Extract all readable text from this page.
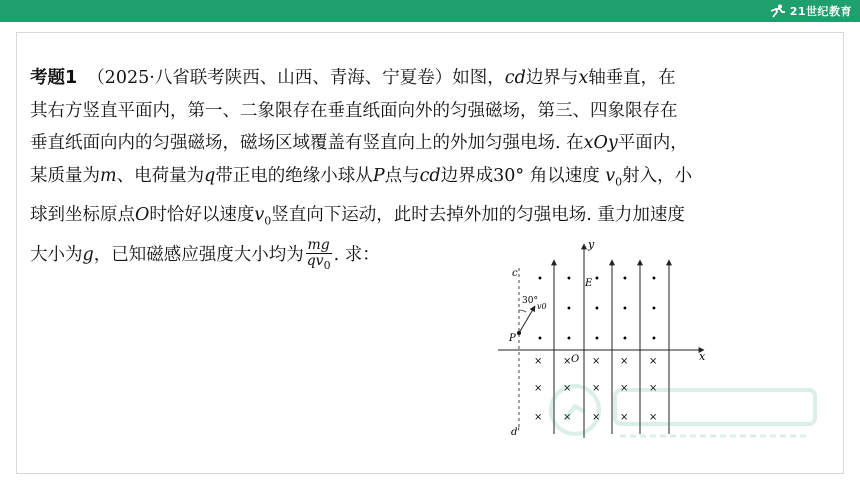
21世纪教育

考题1 （2025·八省联考陕西、山西、青海、宁夏卷）如图，cd边界与x轴垂直，在

其右方竖直平面内，第一、二象限存在垂直纸面向外的匀强磁场，第三、四象限存在

垂直纸面向内的匀强磁场，磁场区域覆盖有竖直向上的外加匀强电场. 在xOy平面内，

某质量为m、电荷量为q带正电的绝缘小球从P点与cd边界成30° 角以速度 $v_0$射入，小

球到坐标原点O时恰好以速度$v_0$竖直向下运动，此时去掉外加的匀强电场. 重力加速度

大小为g，已知磁感应强度大小均为 $\frac{mg}{qv_0}$ . 求：

c
d'
x
y
O
E
• • • • •
• • • •
• • • • •
× × × × ×
× × × × ×
× × × × ×
P
30°
v0
